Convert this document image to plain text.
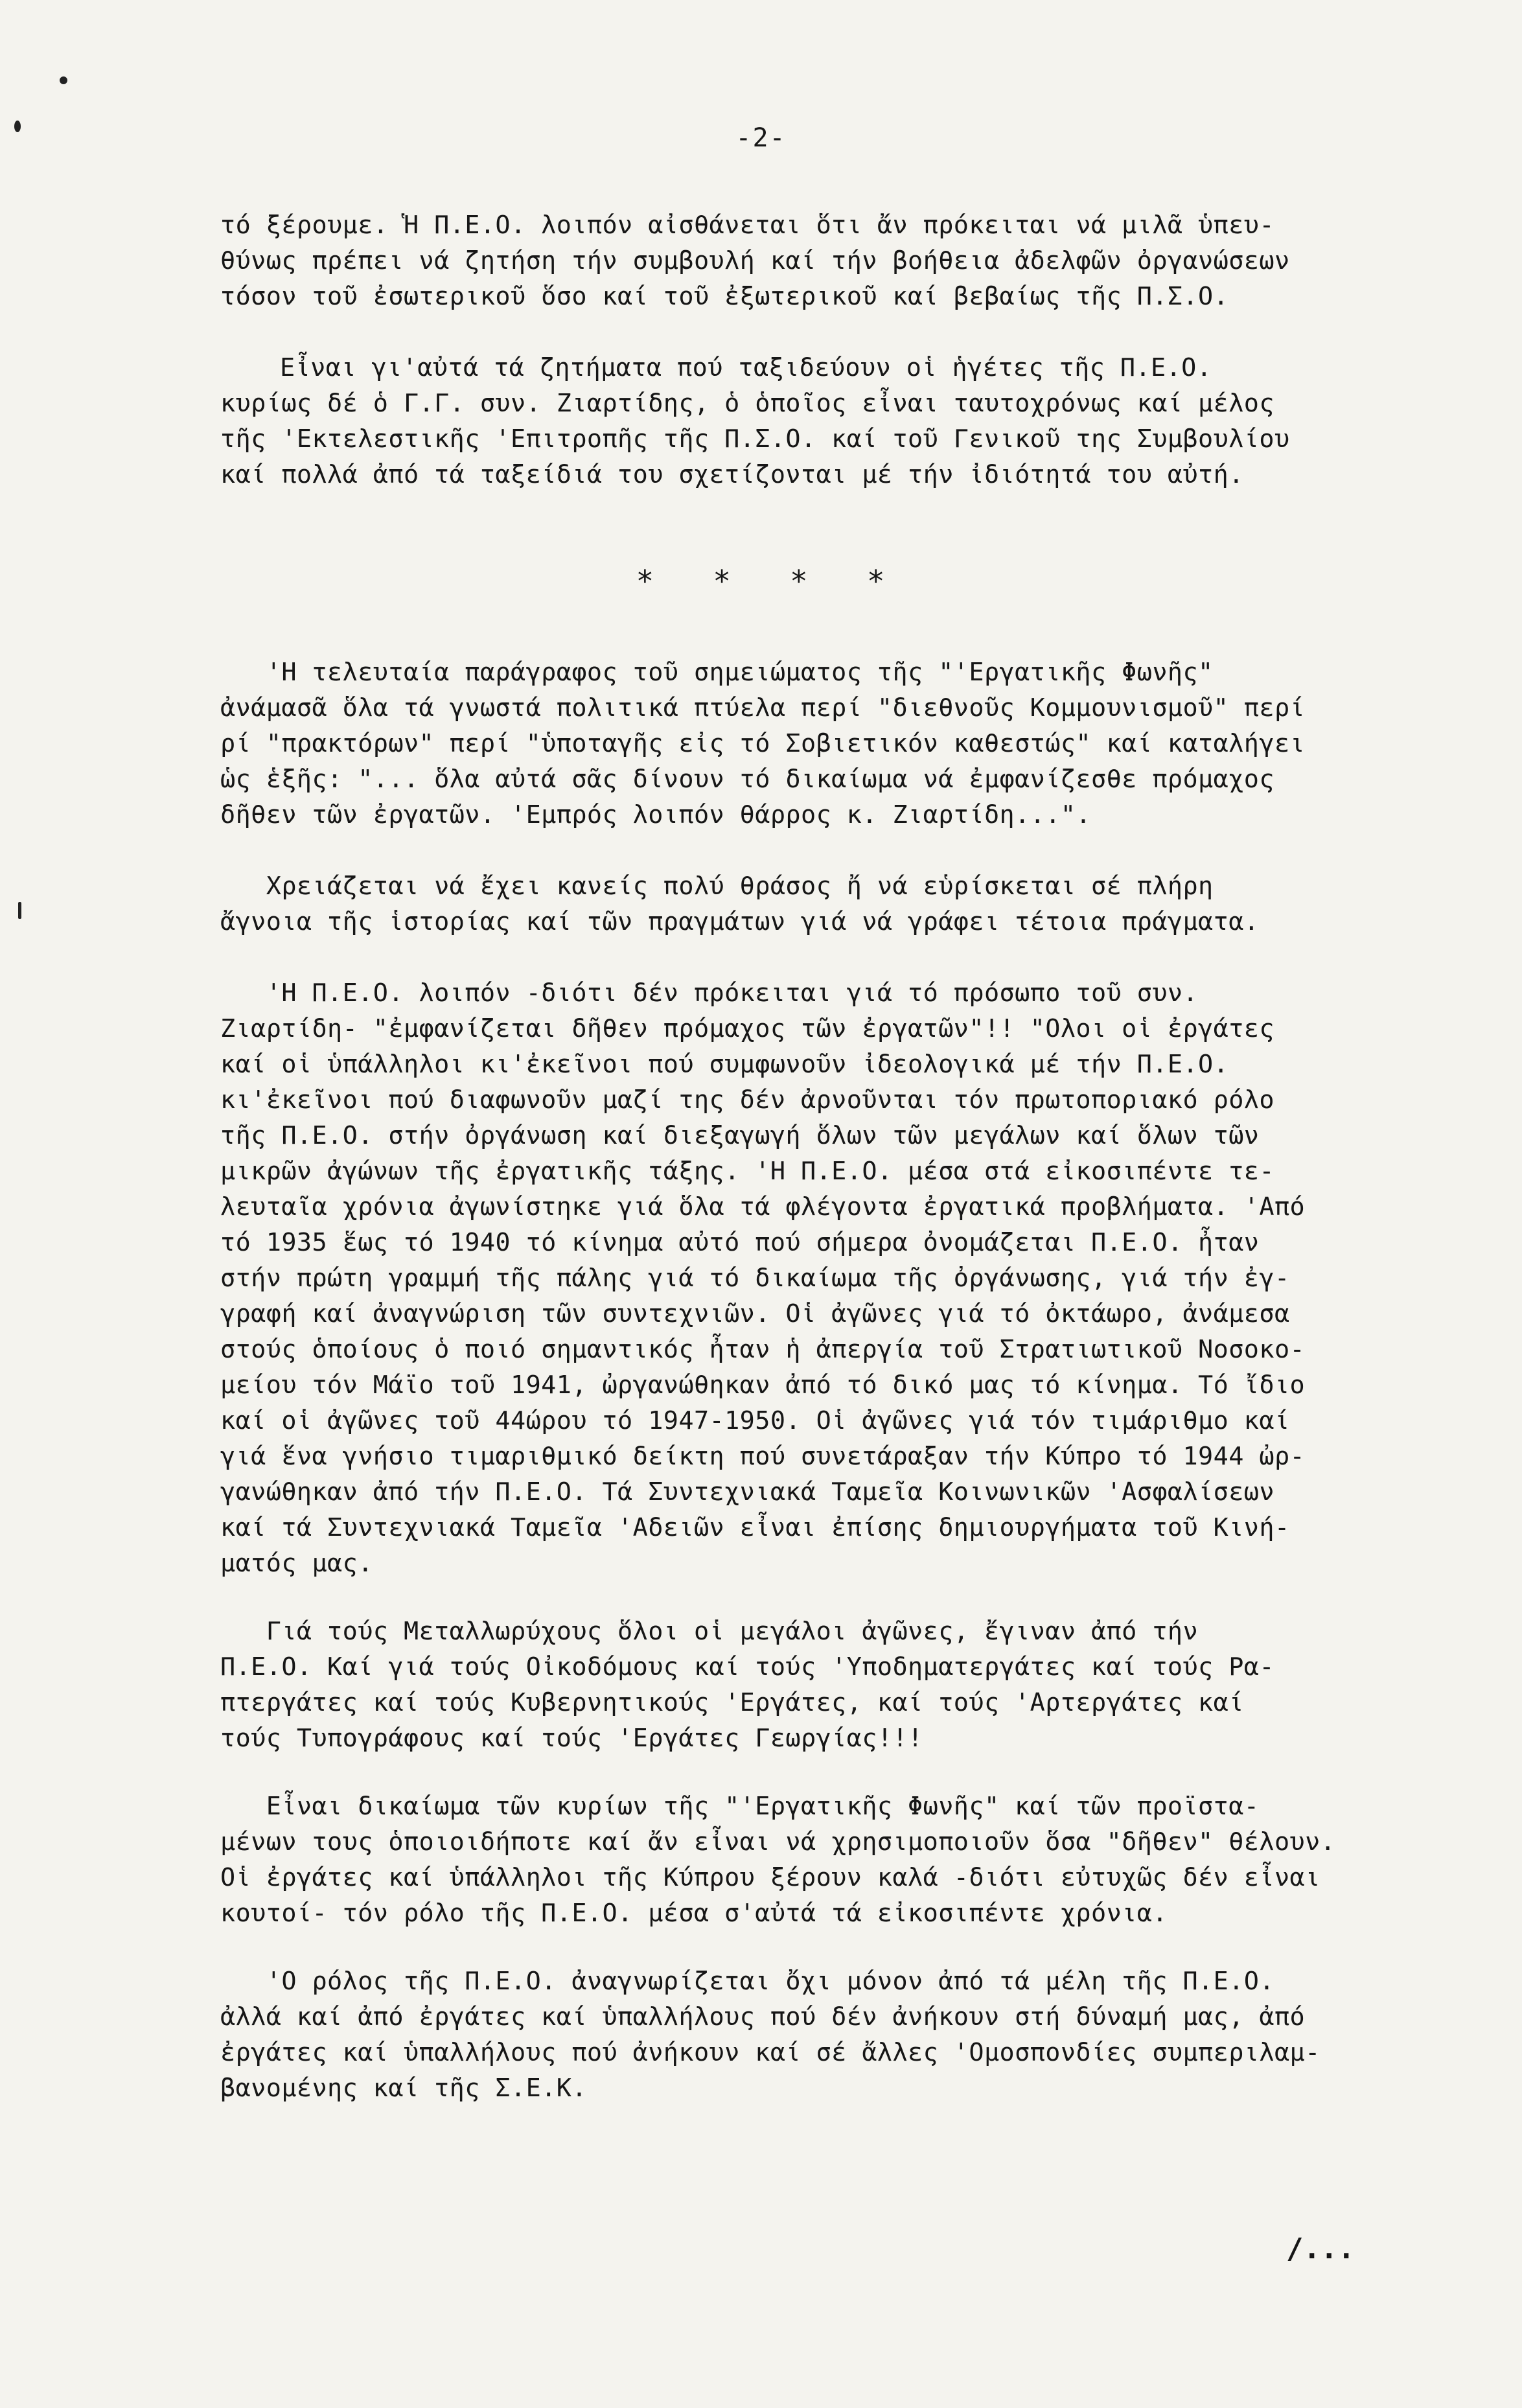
-2-
τό ξέρουμε. Ἡ Π.Ε.Ο. λοιπόν αἰσθάνεται ὅτι ἄν πρόκειται νά μιλᾶ ὑπευ-
θύνως πρέπει νά ζητήση τήν συμβουλή καί τήν βοήθεια ἀδελφῶν ὀργανώσεων
τόσον τοῦ ἐσωτερικοῦ ὅσο καί τοῦ ἐξωτερικοῦ καί βεβαίως τῆς Π.Σ.Ο.
Εἶναι γι'αὐτά τά ζητήματα πού ταξιδεύουν οἱ ἡγέτες τῆς Π.Ε.Ο.
κυρίως δέ ὁ Γ.Γ. συν. Ζιαρτίδης, ὁ ὁποῖος εἶναι ταυτοχρόνως καί μέλος
τῆς 'Εκτελεστικῆς 'Επιτροπῆς τῆς Π.Σ.Ο. καί τοῦ Γενικοῦ της Συμβουλίου
καί πολλά ἀπό τά ταξείδιά του σχετίζονται μέ τήν ἰδιότητά του αὐτή.
*   *   *   *
'Η τελευταία παράγραφος τοῦ σημειώματος τῆς "'Εργατικῆς Φωνῆς"
ἀνάμασᾶ ὅλα τά γνωστά πολιτικά πτύελα περί "διεθνοῦς Κομμουνισμοῦ" περί
ρί "πρακτόρων" περί "ὑποταγῆς εἰς τό Σοβιετικόν καθεστώς" καί καταλήγει
ὡς ἑξῆς: "... ὅλα αὐτά σᾶς δίνουν τό δικαίωμα νά ἐμφανίζεσθε πρόμαχος
δῆθεν τῶν ἐργατῶν. 'Εμπρός λοιπόν θάρρος κ. Ζιαρτίδη...".
Χρειάζεται νά ἔχει κανείς πολύ θράσος ἤ νά εὑρίσκεται σέ πλήρη
ἄγνοια τῆς ἱστορίας καί τῶν πραγμάτων γιά νά γράφει τέτοια πράγματα.
'Η Π.Ε.Ο. λοιπόν -διότι δέν πρόκειται γιά τό πρόσωπο τοῦ συν.
Ζιαρτίδη- "ἐμφανίζεται δῆθεν πρόμαχος τῶν ἐργατῶν"!! "Ολοι οἱ ἐργάτες
καί οἱ ὑπάλληλοι κι'ἐκεῖνοι πού συμφωνοῦν ἰδεολογικά μέ τήν Π.Ε.Ο.
κι'ἐκεῖνοι πού διαφωνοῦν μαζί της δέν ἀρνοῦνται τόν πρωτοποριακό ρόλο
τῆς Π.Ε.Ο. στήν ὀργάνωση καί διεξαγωγή ὅλων τῶν μεγάλων καί ὅλων τῶν
μικρῶν ἀγώνων τῆς ἐργατικῆς τάξης. 'Η Π.Ε.Ο. μέσα στά εἰκοσιπέντε τε-
λευταῖα χρόνια ἀγωνίστηκε γιά ὅλα τά φλέγοντα ἐργατικά προβλήματα. 'Από
τό 1935 ἕως τό 1940 τό κίνημα αὐτό πού σήμερα ὀνομάζεται Π.Ε.Ο. ἦταν
στήν πρώτη γραμμή τῆς πάλης γιά τό δικαίωμα τῆς ὀργάνωσης, γιά τήν ἐγ-
γραφή καί ἀναγνώριση τῶν συντεχνιῶν. Οἱ ἀγῶνες γιά τό ὀκτάωρο, ἀνάμεσα
στούς ὁποίους ὁ ποιό σημαντικός ἦταν ἡ ἀπεργία τοῦ Στρατιωτικοῦ Νοσοκο-
μείου τόν Μάϊο τοῦ 1941, ὠργανώθηκαν ἀπό τό δικό μας τό κίνημα. Τό ἴδιο
καί οἱ ἀγῶνες τοῦ 44ώρου τό 1947-1950. Οἱ ἀγῶνες γιά τόν τιμάριθμο καί
γιά ἕνα γνήσιο τιμαριθμικό δείκτη πού συνετάραξαν τήν Κύπρο τό 1944 ὠρ-
γανώθηκαν ἀπό τήν Π.Ε.Ο. Τά Συντεχνιακά Ταμεῖα Κοινωνικῶν 'Ασφαλίσεων
καί τά Συντεχνιακά Ταμεῖα 'Αδειῶν εἶναι ἐπίσης δημιουργήματα τοῦ Κινή-
ματός μας.
Γιά τούς Μεταλλωρύχους ὅλοι οἱ μεγάλοι ἀγῶνες, ἔγιναν ἀπό τήν
Π.Ε.Ο. Καί γιά τούς Οἰκοδόμους καί τούς 'Υποδηματεργάτες καί τούς Ρα-
πτεργάτες καί τούς Κυβερνητικούς 'Εργάτες, καί τούς 'Αρτεργάτες καί
τούς Τυπογράφους καί τούς 'Εργάτες Γεωργίας!!!
Εἶναι δικαίωμα τῶν κυρίων τῆς "'Εργατικῆς Φωνῆς" καί τῶν προϊστα-
μένων τους ὁποιοιδήποτε καί ἄν εἶναι νά χρησιμοποιοῦν ὅσα "δῆθεν" θέλουν.
Οἱ ἐργάτες καί ὑπάλληλοι τῆς Κύπρου ξέρουν καλά -διότι εὐτυχῶς δέν εἶναι
κουτοί- τόν ρόλο τῆς Π.Ε.Ο. μέσα σ'αὐτά τά εἰκοσιπέντε χρόνια.
'Ο ρόλος τῆς Π.Ε.Ο. ἀναγνωρίζεται ὄχι μόνον ἀπό τά μέλη τῆς Π.Ε.Ο.
ἀλλά καί ἀπό ἐργάτες καί ὑπαλλήλους πού δέν ἀνήκουν στή δύναμή μας, ἀπό
ἐργάτες καί ὑπαλλήλους πού ἀνήκουν καί σέ ἄλλες 'Ομοσπονδίες συμπεριλαμ-
βανομένης καί τῆς Σ.Ε.Κ.
/...
